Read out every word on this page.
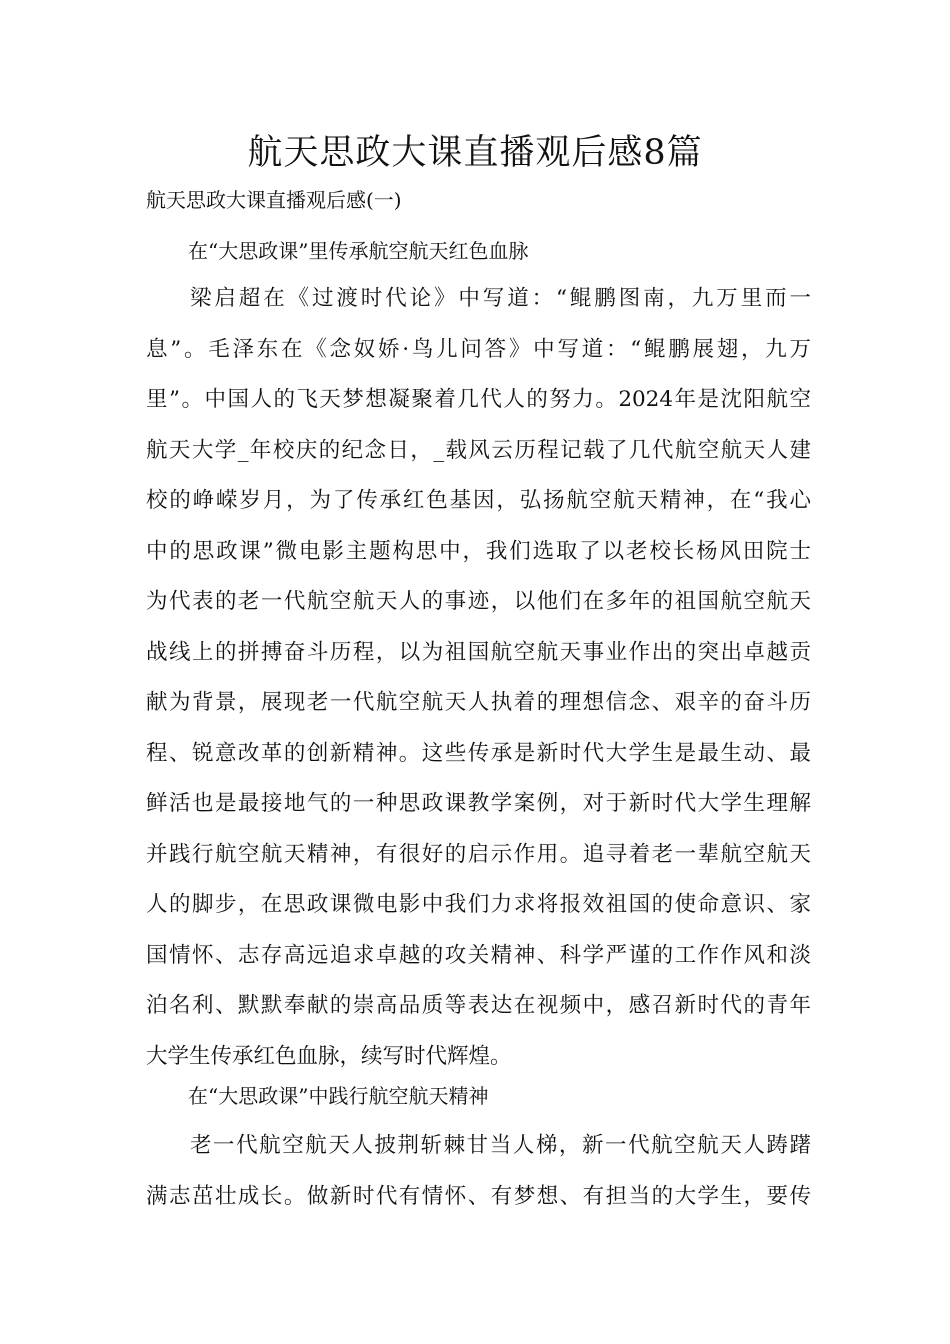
航天思政大课直播观后感8篇

航天思政大课直播观后感(一)

在“大思政课”里传承航空航天红色血脉

梁启超在《过渡时代论》中写道：“鲲鹏图南，九万里而一
息”。毛泽东在《念奴娇·鸟儿问答》中写道：“鲲鹏展翅，九万
里”。中国人的飞天梦想凝聚着几代人的努力。2024年是沈阳航空
航天大学_年校庆的纪念日，_载风云历程记载了几代航空航天人建
校的峥嵘岁月，为了传承红色基因，弘扬航空航天精神，在“我心
中的思政课”微电影主题构思中，我们选取了以老校长杨风田院士
为代表的老一代航空航天人的事迹，以他们在多年的祖国航空航天
战线上的拼搏奋斗历程，以为祖国航空航天事业作出的突出卓越贡
献为背景，展现老一代航空航天人执着的理想信念、艰辛的奋斗历
程、锐意改革的创新精神。这些传承是新时代大学生是最生动、最
鲜活也是最接地气的一种思政课教学案例，对于新时代大学生理解
并践行航空航天精神，有很好的启示作用。追寻着老一辈航空航天
人的脚步，在思政课微电影中我们力求将报效祖国的使命意识、家
国情怀、志存高远追求卓越的攻关精神、科学严谨的工作作风和淡
泊名利、默默奉献的崇高品质等表达在视频中，感召新时代的青年
大学生传承红色血脉，续写时代辉煌。

在“大思政课”中践行航空航天精神

老一代航空航天人披荆斩棘甘当人梯，新一代航空航天人踌躇
满志茁壮成长。做新时代有情怀、有梦想、有担当的大学生，要传
